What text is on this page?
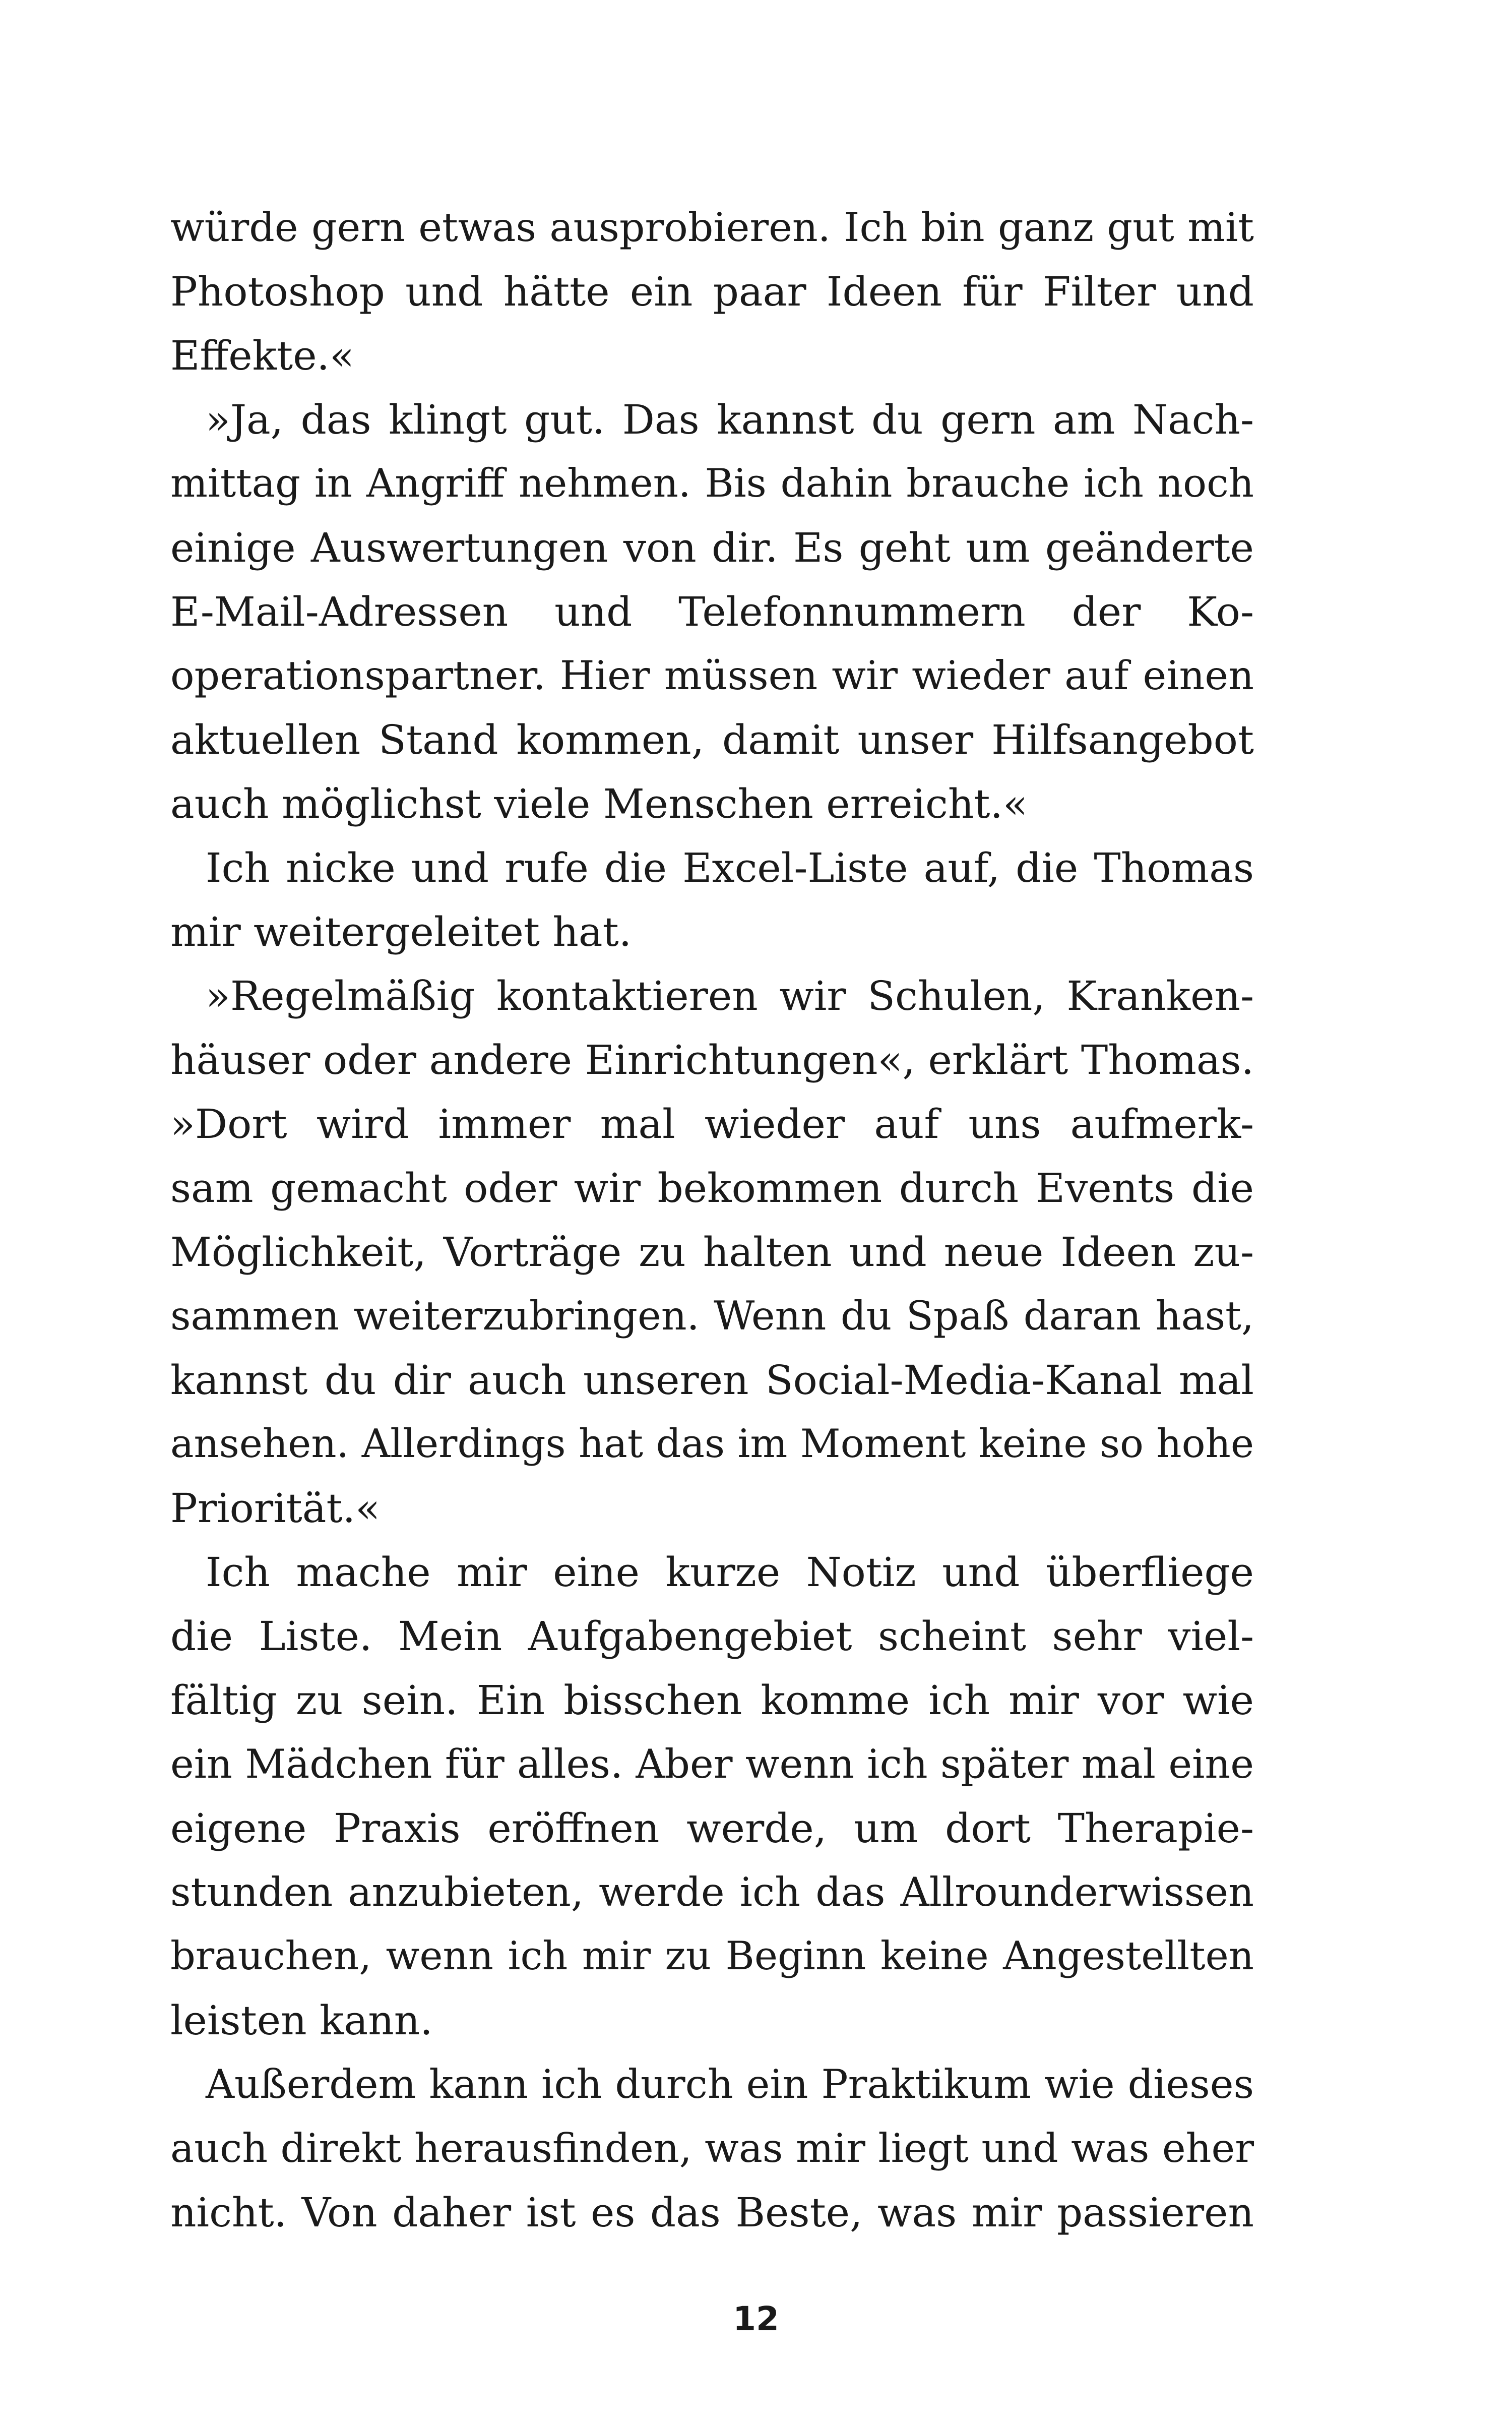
würde gern etwas ausprobieren. Ich bin ganz gut mit
Photoshop und hätte ein paar Ideen für Filter und
Effekte.«
»Ja, das klingt gut. Das kannst du gern am Nach-
mittag in Angriff nehmen. Bis dahin brauche ich noch
einige Auswertungen von dir. Es geht um geänderte
E-Mail-Adressen und Telefonnummern der Ko-
operationspartner. Hier müssen wir wieder auf einen
aktuellen Stand kommen, damit unser Hilfsangebot
auch möglichst viele Menschen erreicht.«
Ich nicke und rufe die Excel-Liste auf, die Thomas
mir weitergeleitet hat.
»Regelmäßig kontaktieren wir Schulen, Kranken-
häuser oder andere Einrichtungen«, erklärt Thomas.
»Dort wird immer mal wieder auf uns aufmerk-
sam gemacht oder wir bekommen durch Events die
Möglichkeit, Vorträge zu halten und neue Ideen zu-
sammen weiterzubringen. Wenn du Spaß daran hast,
kannst du dir auch unseren Social-Media-Kanal mal
ansehen. Allerdings hat das im Moment keine so hohe
Priorität.«
Ich mache mir eine kurze Notiz und überfliege
die Liste. Mein Aufgabengebiet scheint sehr viel-
fältig zu sein. Ein bisschen komme ich mir vor wie
ein Mädchen für alles. Aber wenn ich später mal eine
eigene Praxis eröffnen werde, um dort Therapie-
stunden anzubieten, werde ich das Allrounderwissen
brauchen, wenn ich mir zu Beginn keine Angestellten
leisten kann.
Außerdem kann ich durch ein Praktikum wie dieses
auch direkt herausfinden, was mir liegt und was eher
nicht. Von daher ist es das Beste, was mir passieren
12
